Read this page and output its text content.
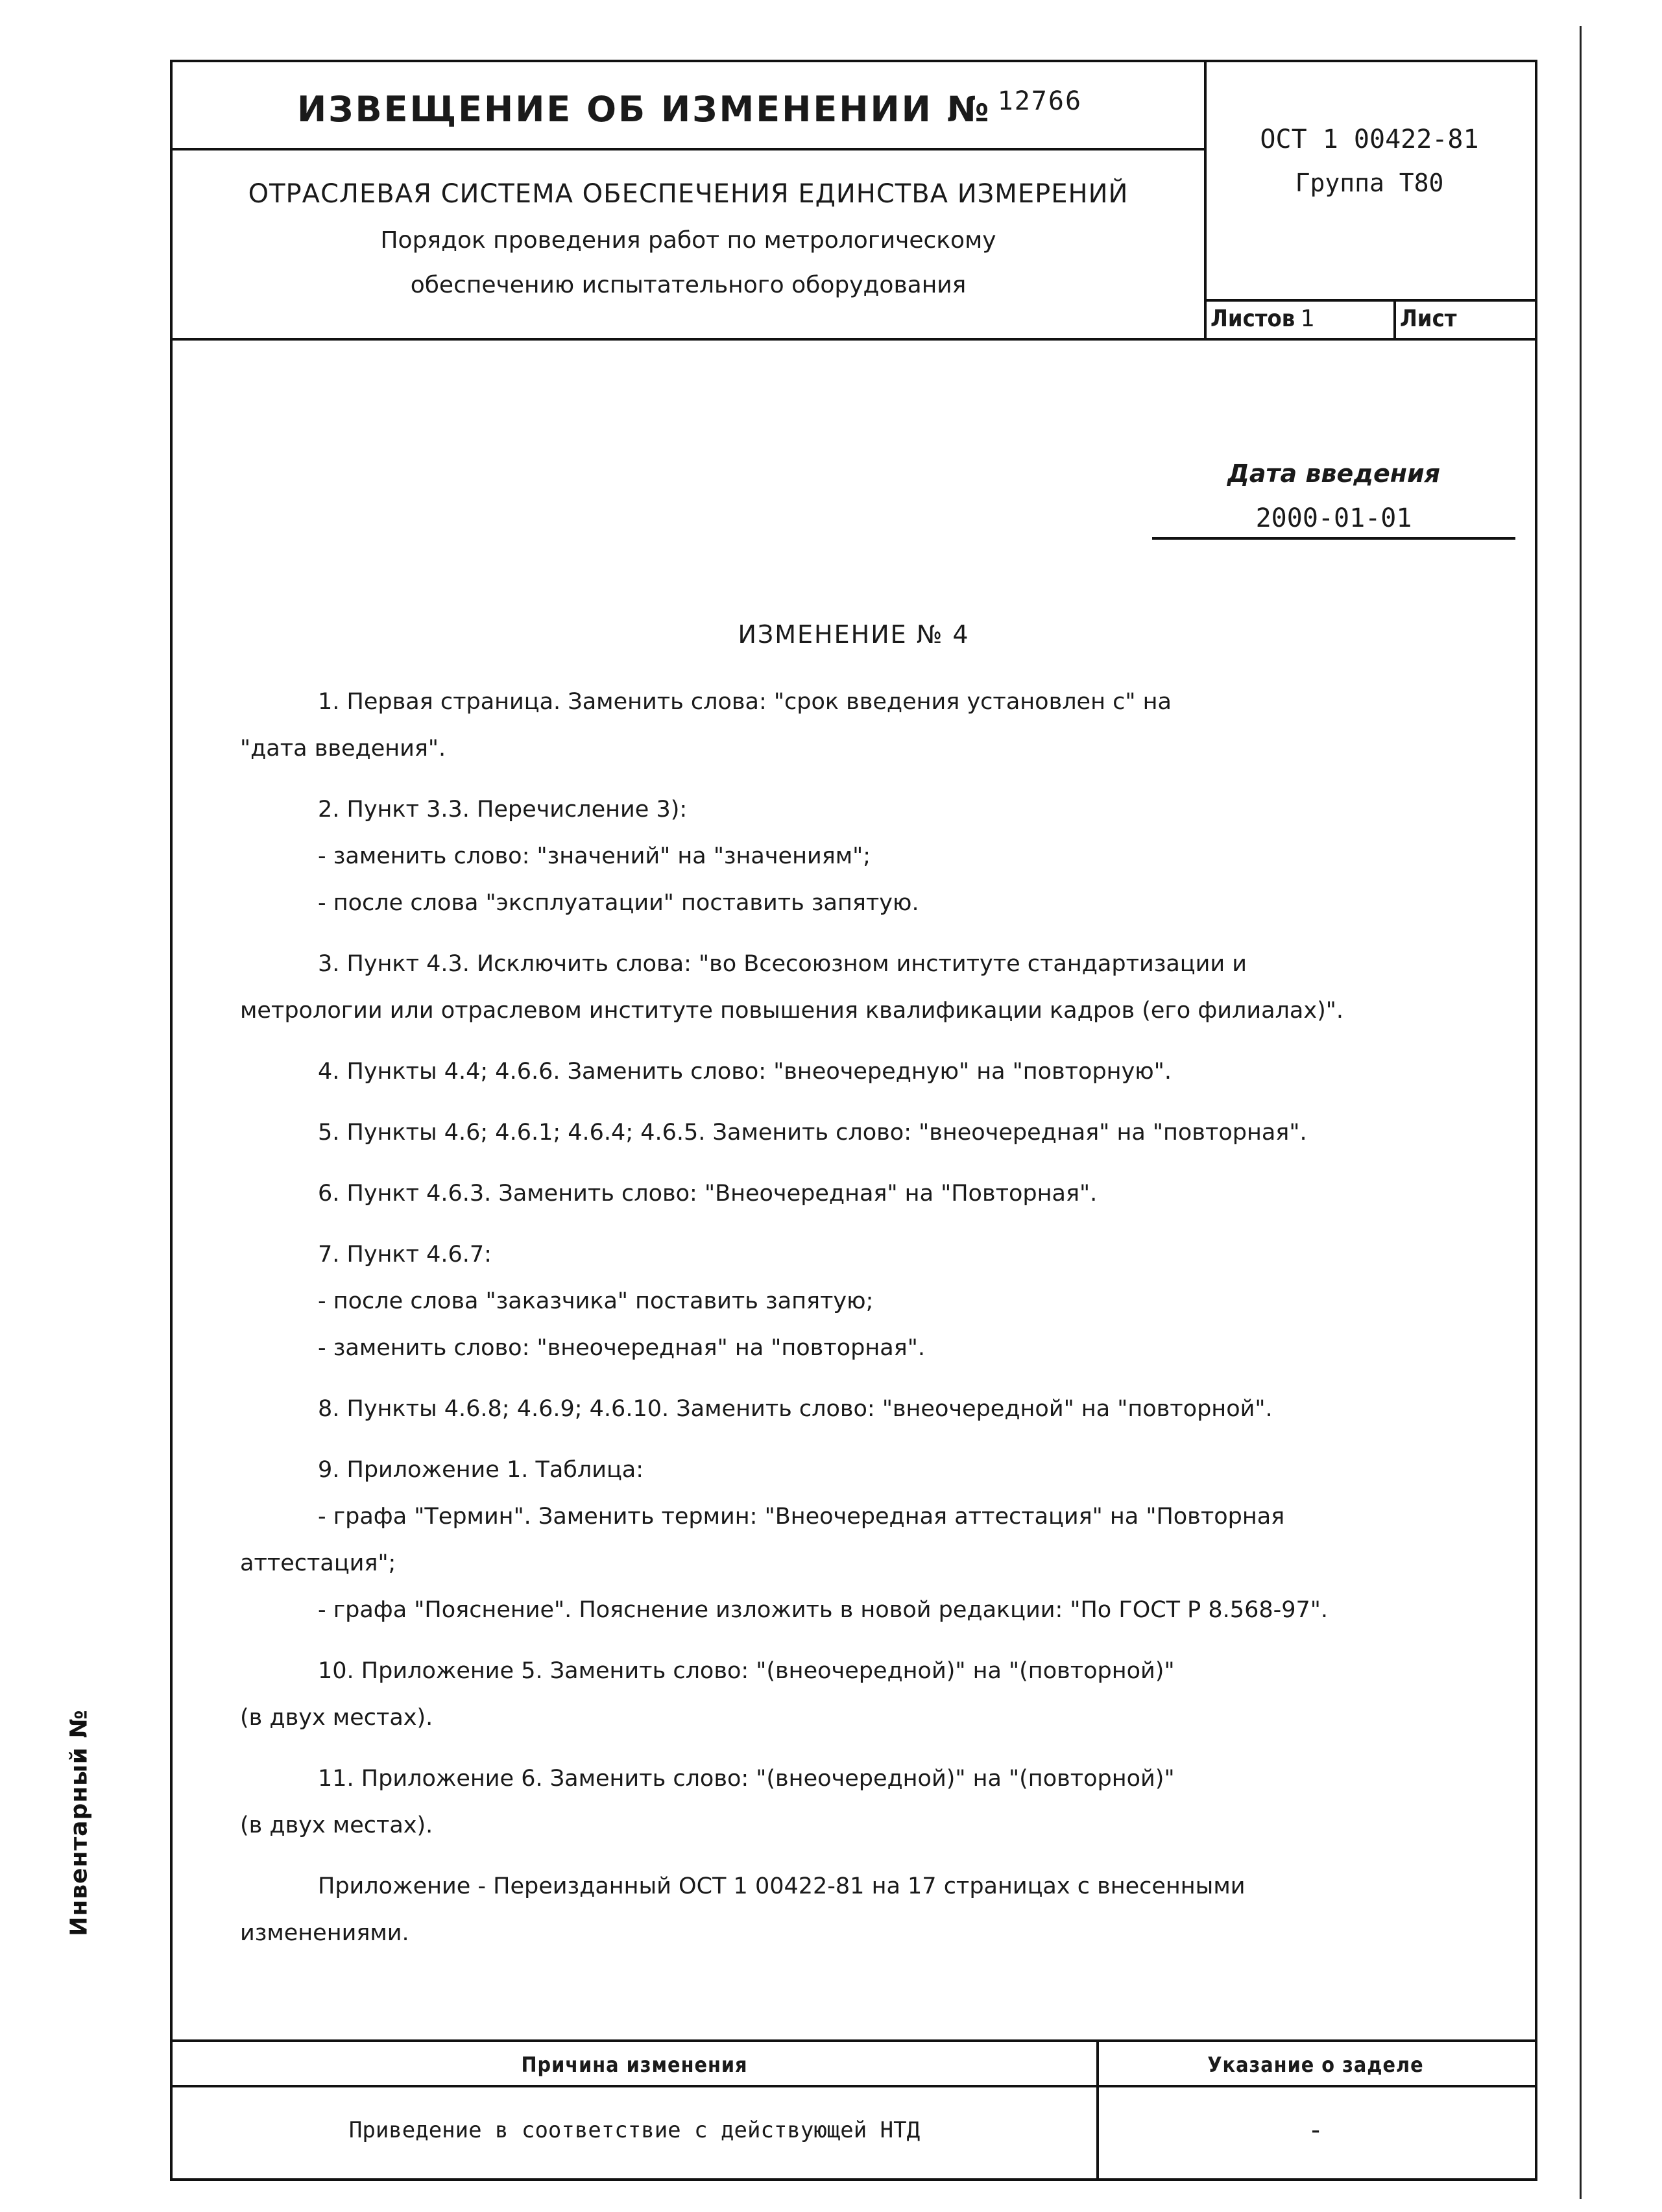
Инвентарный №
ИЗВЕЩЕНИЕ ОБ ИЗМЕНЕНИИ № $^{12766}$
ОТРАСЛЕВАЯ СИСТЕМА ОБЕСПЕЧЕНИЯ ЕДИНСТВА ИЗМЕРЕНИЙ
Порядок проведения работ по метрологическому
обеспечению испытательного оборудования
ОСТ 1 00422-81
Группа Т80
Листов 1	Лист
Дата введения
2000-01-01
ИЗМЕНЕНИЕ № 4
1. Первая страница. Заменить слова: "срок введения установлен с" на
"дата введения".
2. Пункт 3.3. Перечисление 3):
- заменить слово: "значений" на "значениям";
- после слова "эксплуатации" поставить запятую.
3. Пункт 4.3. Исключить слова: "во Всесоюзном институте стандартизации и
метрологии или отраслевом институте повышения квалификации кадров (его филиалах)".
4. Пункты 4.4; 4.6.6. Заменить слово: "внеочередную" на "повторную".
5. Пункты 4.6; 4.6.1; 4.6.4; 4.6.5. Заменить слово: "внеочередная" на "повторная".
6. Пункт 4.6.3. Заменить слово: "Внеочередная" на "Повторная".
7. Пункт 4.6.7:
- после слова "заказчика" поставить запятую;
- заменить слово: "внеочередная" на "повторная".
8. Пункты 4.6.8; 4.6.9; 4.6.10. Заменить слово: "внеочередной" на "повторной".
9. Приложение 1. Таблица:
- графа "Термин". Заменить термин: "Внеочередная аттестация" на "Повторная
аттестация";
- графа "Пояснение". Пояснение изложить в новой редакции: "По ГОСТ Р 8.568-97".
10. Приложение 5. Заменить слово: "(внеочередной)" на "(повторной)"
(в двух местах).
11. Приложение 6. Заменить слово: "(внеочередной)" на "(повторной)"
(в двух местах).
Приложение - Переизданный ОСТ 1 00422-81 на 17 страницах с внесенными
изменениями.
Причина изменения	Указание о заделе
Приведение в соответствие с действующей НТД	-
